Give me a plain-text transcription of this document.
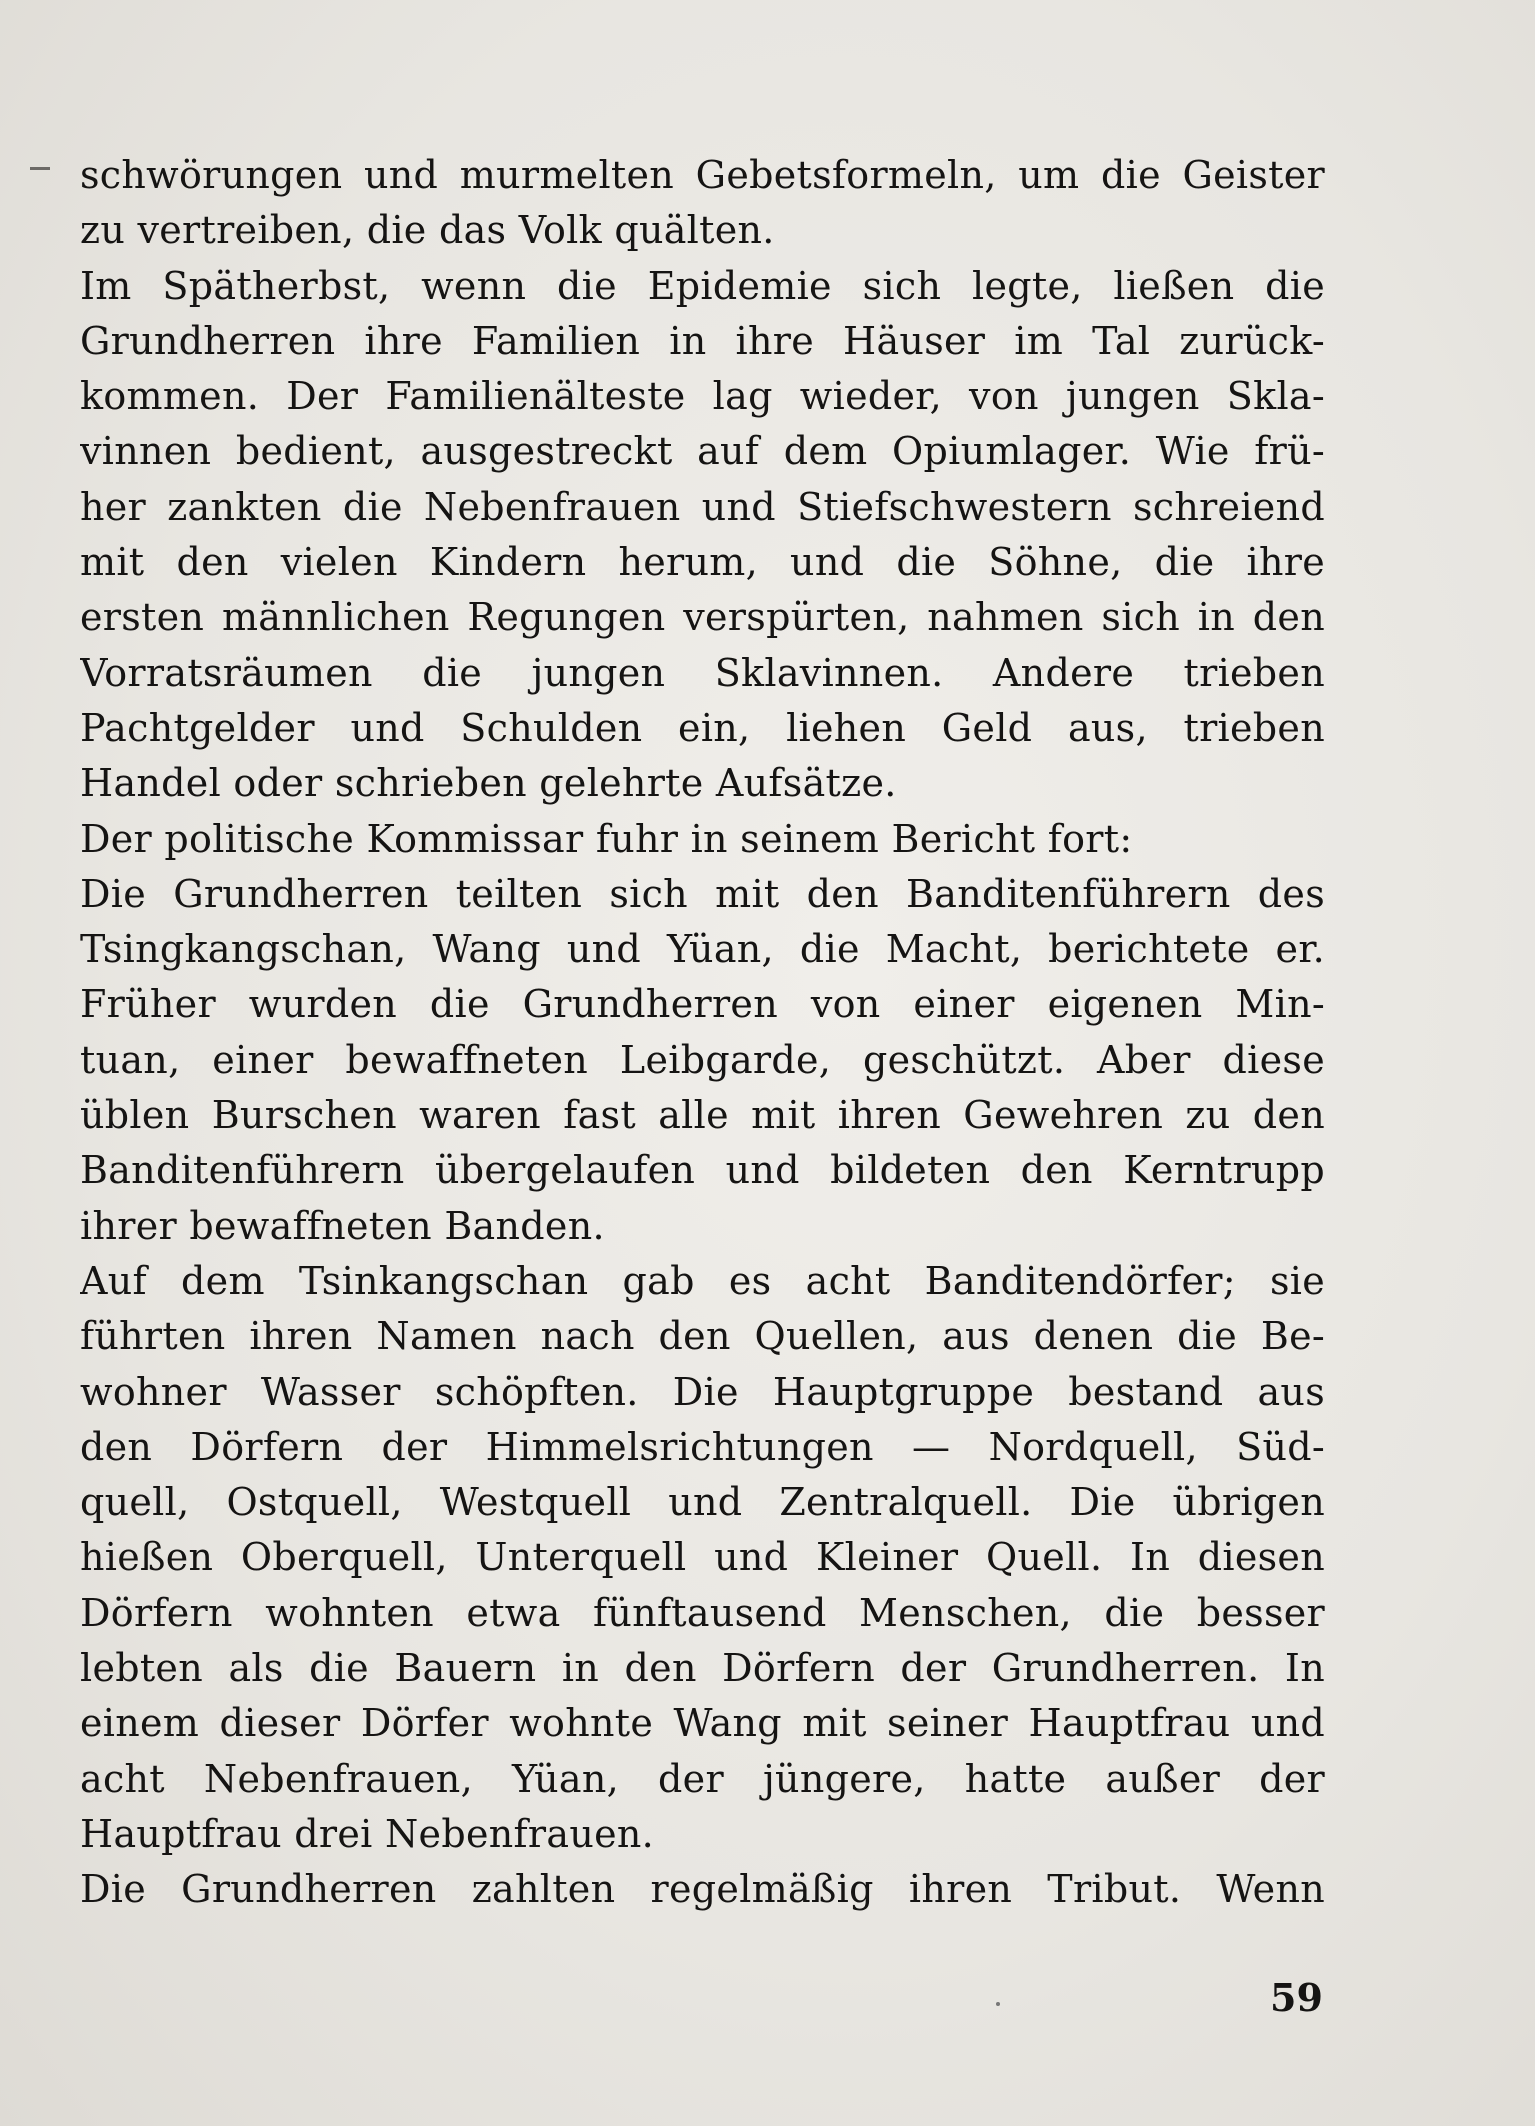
schwörungen und murmelten Gebetsformeln, um die Geister
zu vertreiben, die das Volk quälten.
Im Spätherbst, wenn die Epidemie sich legte, ließen die
Grundherren ihre Familien in ihre Häuser im Tal zurück-
kommen. Der Familienälteste lag wieder, von jungen Skla-
vinnen bedient, ausgestreckt auf dem Opiumlager. Wie frü-
her zankten die Nebenfrauen und Stiefschwestern schreiend
mit den vielen Kindern herum, und die Söhne, die ihre
ersten männlichen Regungen verspürten, nahmen sich in den
Vorratsräumen die jungen Sklavinnen. Andere trieben
Pachtgelder und Schulden ein, liehen Geld aus, trieben
Handel oder schrieben gelehrte Aufsätze.
Der politische Kommissar fuhr in seinem Bericht fort:
Die Grundherren teilten sich mit den Banditenführern des
Tsingkangschan, Wang und Yüan, die Macht, berichtete er.
Früher wurden die Grundherren von einer eigenen Min-
tuan, einer bewaffneten Leibgarde, geschützt. Aber diese
üblen Burschen waren fast alle mit ihren Gewehren zu den
Banditenführern übergelaufen und bildeten den Kerntrupp
ihrer bewaffneten Banden.
Auf dem Tsinkangschan gab es acht Banditendörfer; sie
führten ihren Namen nach den Quellen, aus denen die Be-
wohner Wasser schöpften. Die Hauptgruppe bestand aus
den Dörfern der Himmelsrichtungen — Nordquell, Süd-
quell, Ostquell, Westquell und Zentralquell. Die übrigen
hießen Oberquell, Unterquell und Kleiner Quell. In diesen
Dörfern wohnten etwa fünftausend Menschen, die besser
lebten als die Bauern in den Dörfern der Grundherren. In
einem dieser Dörfer wohnte Wang mit seiner Hauptfrau und
acht Nebenfrauen, Yüan, der jüngere, hatte außer der
Hauptfrau drei Nebenfrauen.
Die Grundherren zahlten regelmäßig ihren Tribut. Wenn
59
